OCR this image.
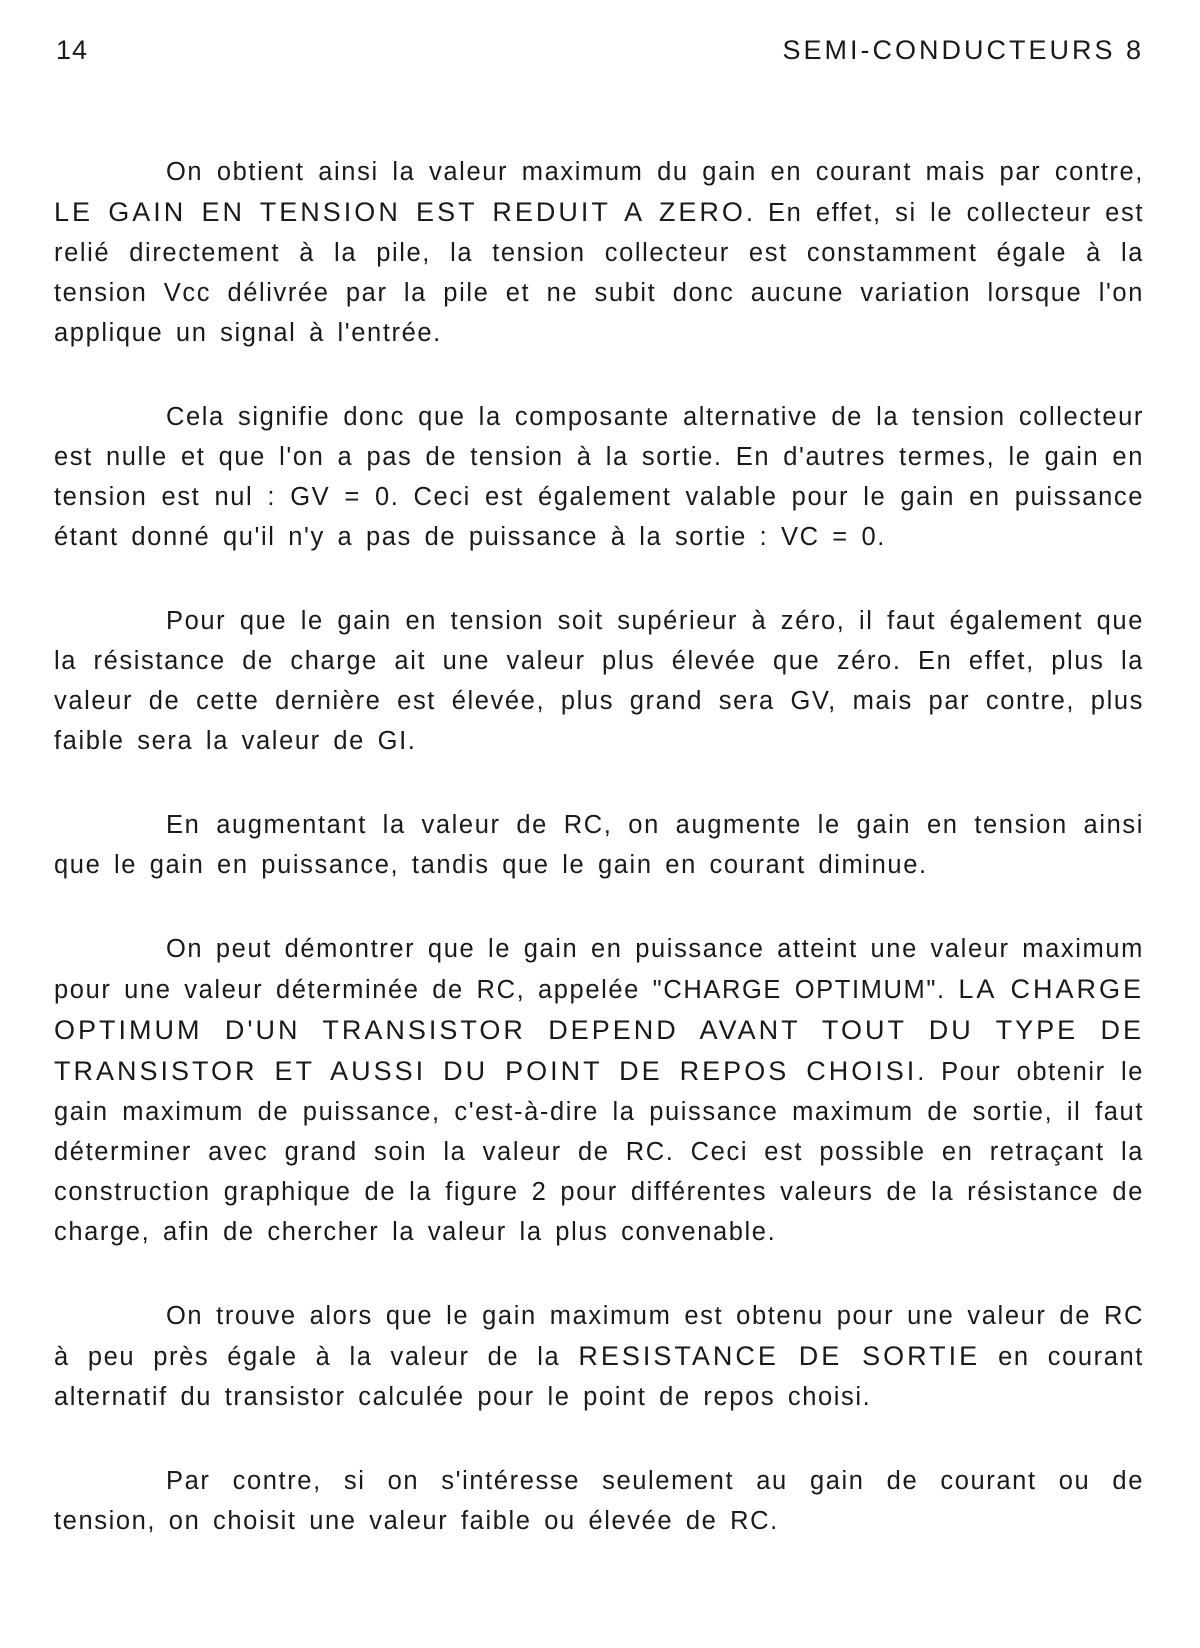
14	SEMI-CONDUCTEURS 8

On obtient ainsi la valeur maximum du gain en courant mais par contre, LE GAIN EN TENSION EST REDUIT A ZERO. En effet, si le collecteur est relié directement à la pile, la tension collecteur est constamment égale à la tension Vcc délivrée par la pile et ne subit donc aucune variation lorsque l'on applique un signal à l'entrée.

Cela signifie donc que la composante alternative de la tension collecteur est nulle et que l'on a pas de tension à la sortie. En d'autres termes, le gain en tension est nul : GV = 0. Ceci est également valable pour le gain en puissance étant donné qu'il n'y a pas de puissance à la sortie : VC = 0.

Pour que le gain en tension soit supérieur à zéro, il faut également que la résistance de charge ait une valeur plus élevée que zéro. En effet, plus la valeur de cette dernière est élevée, plus grand sera GV, mais par contre, plus faible sera la valeur de GI.

En augmentant la valeur de RC, on augmente le gain en tension ainsi que le gain en puissance, tandis que le gain en courant diminue.

On peut démontrer que le gain en puissance atteint une valeur maximum pour une valeur déterminée de RC, appelée "CHARGE OPTIMUM". LA CHARGE OPTIMUM D'UN TRANSISTOR DEPEND AVANT TOUT DU TYPE DE TRANSISTOR ET AUSSI DU POINT DE REPOS CHOISI. Pour obtenir le gain maximum de puissance, c'est-à-dire la puissance maximum de sortie, il faut déterminer avec grand soin la valeur de RC. Ceci est possible en retraçant la construction graphique de la figure 2 pour différentes valeurs de la résistance de charge, afin de chercher la valeur la plus convenable.

On trouve alors que le gain maximum est obtenu pour une valeur de RC à peu près égale à la valeur de la RESISTANCE DE SORTIE en courant alternatif du transistor calculée pour le point de repos choisi.

Par contre, si on s'intéresse seulement au gain de courant ou de tension, on choisit une valeur faible ou élevée de RC.
